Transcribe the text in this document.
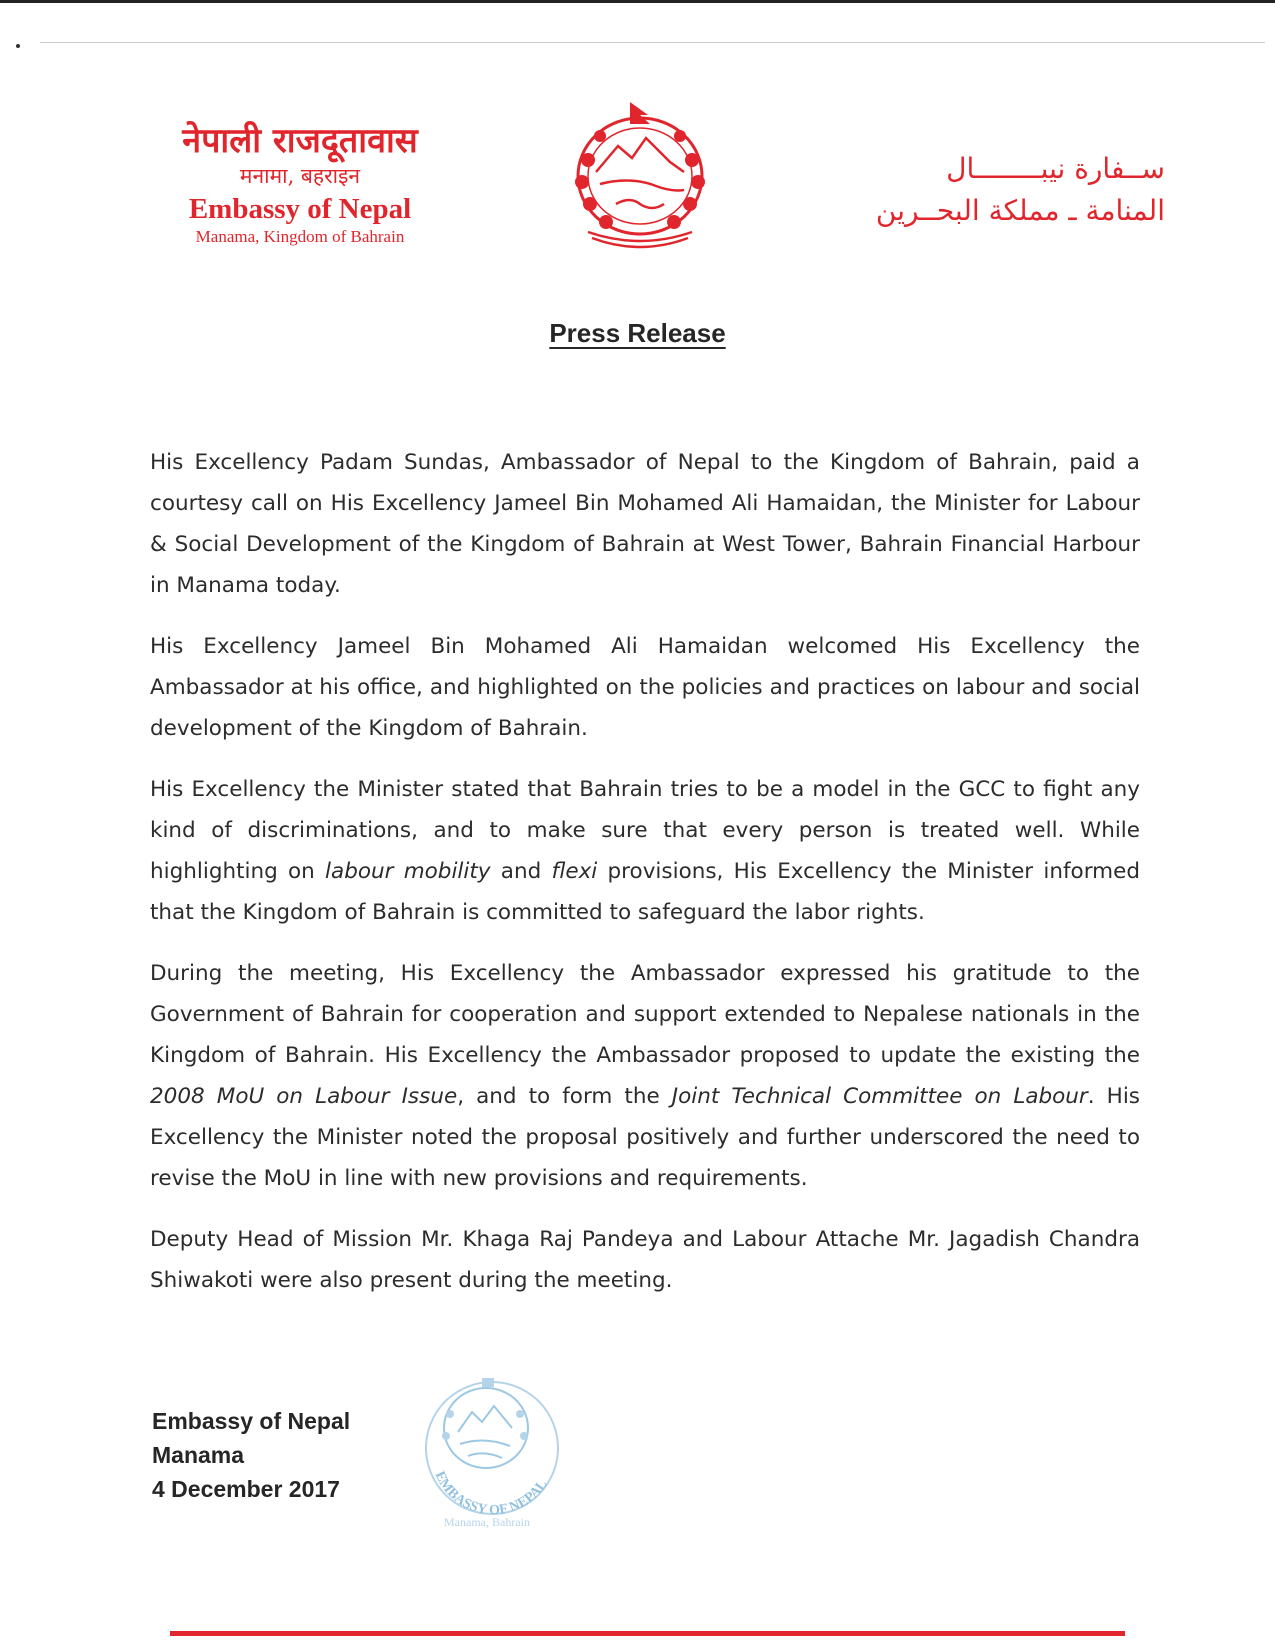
नेपाली राजदूतावास
मनामा, बहराइन
Embassy of Nepal
Manama, Kingdom of Bahrain
ســفارة نيبــــــــال
المنامة ـ مملكة البحــرين
Press Release

His Excellency Padam Sundas, Ambassador of Nepal to the Kingdom of Bahrain, paid a courtesy call on His Excellency Jameel Bin Mohamed Ali Hamaidan, the Minister for Labour & Social Development of the Kingdom of Bahrain at West Tower, Bahrain Financial Harbour in Manama today.

His Excellency Jameel Bin Mohamed Ali Hamaidan welcomed His Excellency the Ambassador at his office, and highlighted on the policies and practices on labour and social development of the Kingdom of Bahrain.

His Excellency the Minister stated that Bahrain tries to be a model in the GCC to fight any kind of discriminations, and to make sure that every person is treated well. While highlighting on labour mobility and flexi provisions, His Excellency the Minister informed that the Kingdom of Bahrain is committed to safeguard the labor rights.

During the meeting, His Excellency the Ambassador expressed his gratitude to the Government of Bahrain for cooperation and support extended to Nepalese nationals in the Kingdom of Bahrain. His Excellency the Ambassador proposed to update the existing the 2008 MoU on Labour Issue, and to form the Joint Technical Committee on Labour. His Excellency the Minister noted the proposal positively and further underscored the need to revise the MoU in line with new provisions and requirements.

Deputy Head of Mission Mr. Khaga Raj Pandeya and Labour Attache Mr. Jagadish Chandra Shiwakoti were also present during the meeting.

Embassy of Nepal
Manama
4 December 2017	EMBASSY OF NEPAL
Manama, Bahrain
